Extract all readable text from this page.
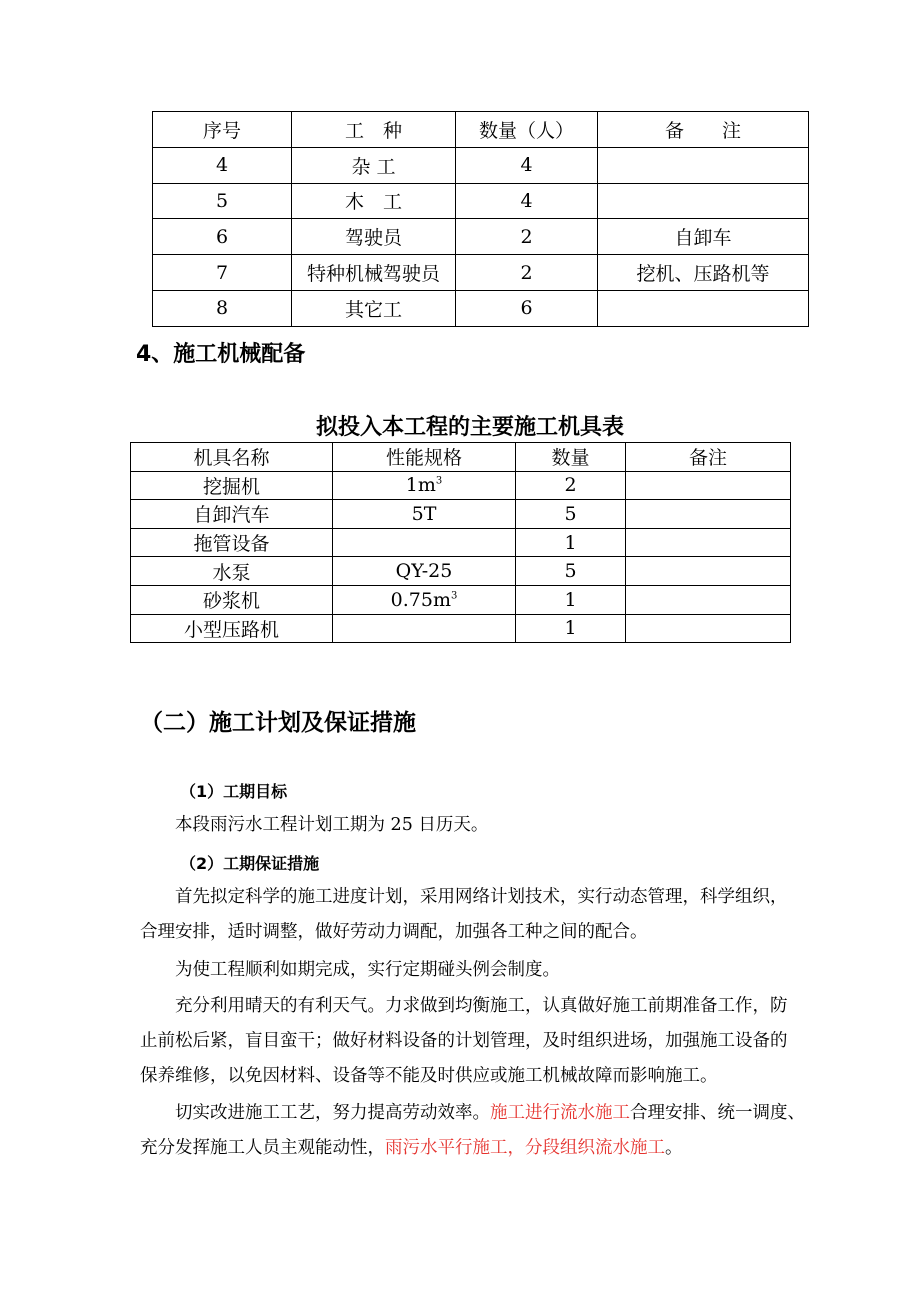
序号	工　种	数量（人）	备　　注
4	杂 工	4	
5	木　工	4	
6	驾驶员	2	自卸车
7	特种机械驾驶员	2	挖机、压路机等
8	其它工	6	
4、施工机械配备
拟投入本工程的主要施工机具表
机具名称	性能规格	数量	备注
挖掘机	$1m^3$	2	
自卸汽车	5T	5	
拖管设备		1	
水泵	QY-25	5	
砂浆机	$0.75m^3$	1	
小型压路机		1	
（二）施工计划及保证措施
（1）工期目标
本段雨污水工程计划工期为 25 日历天。
（2）工期保证措施
首先拟定科学的施工进度计划，采用网络计划技术，实行动态管理，科学组织，
合理安排，适时调整，做好劳动力调配，加强各工种之间的配合。
为使工程顺利如期完成，实行定期碰头例会制度。
充分利用晴天的有利天气。力求做到均衡施工，认真做好施工前期准备工作，防
止前松后紧，盲目蛮干；做好材料设备的计划管理，及时组织进场，加强施工设备的
保养维修，以免因材料、设备等不能及时供应或施工机械故障而影响施工。
切实改进施工工艺，努力提高劳动效率。施工进行流水施工合理安排、统一调度、
充分发挥施工人员主观能动性，雨污水平行施工，分段组织流水施工。
